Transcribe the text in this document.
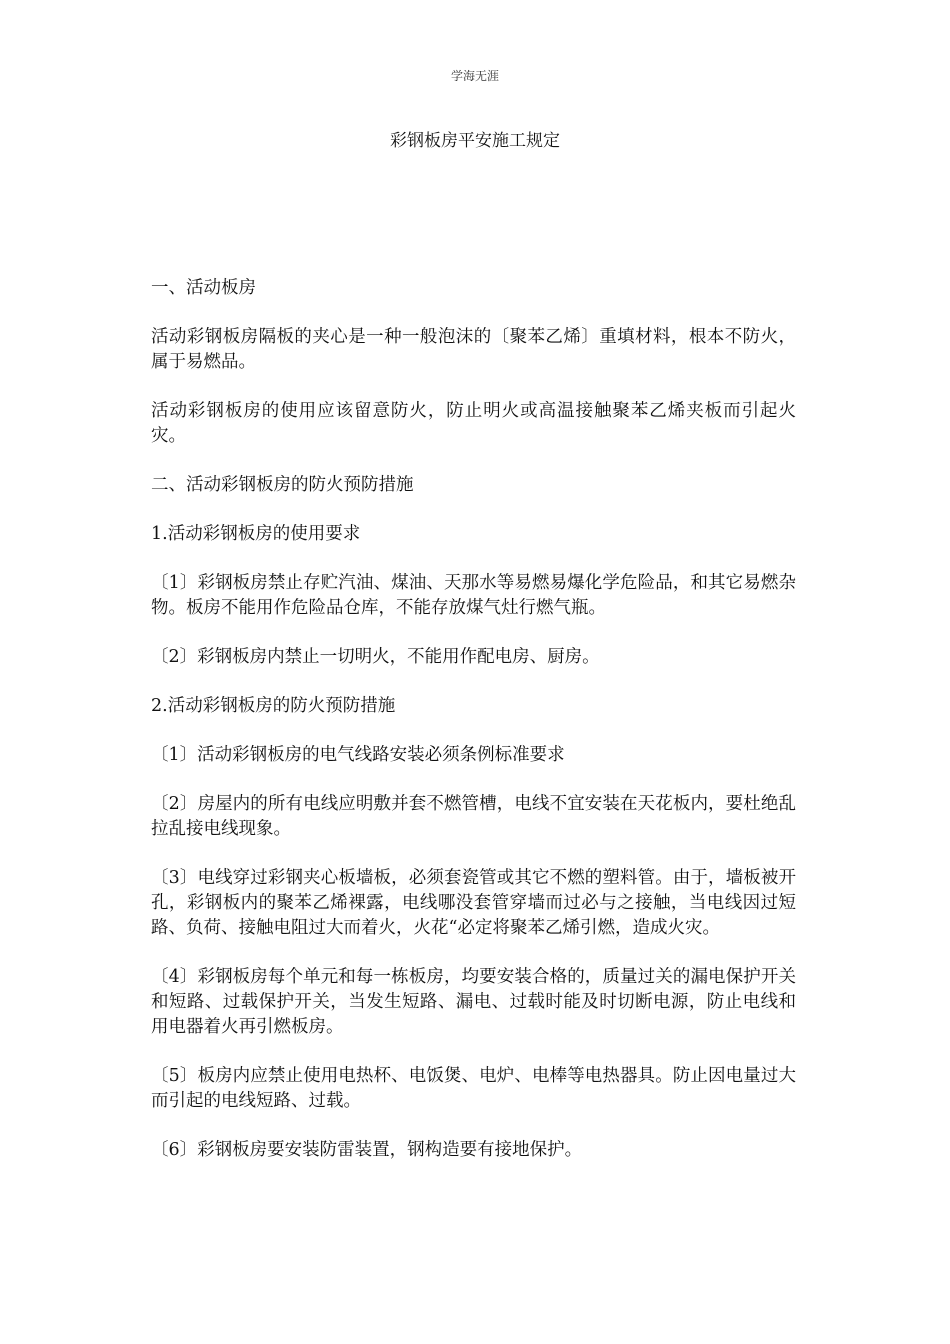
学海无涯
彩钢板房平安施工规定

一、活动板房

活动彩钢板房隔板的夹心是一种一般泡沫的〔聚苯乙烯〕重填材料，根本不防火，属于易燃品。

活动彩钢板房的使用应该留意防火，防止明火或高温接触聚苯乙烯夹板而引起火灾。

二、活动彩钢板房的防火预防措施

1.活动彩钢板房的使用要求

〔1〕彩钢板房禁止存贮汽油、煤油、天那水等易燃易爆化学危险品，和其它易燃杂物。板房不能用作危险品仓库，不能存放煤气灶行燃气瓶。

〔2〕彩钢板房内禁止一切明火，不能用作配电房、厨房。

2.活动彩钢板房的防火预防措施

〔1〕活动彩钢板房的电气线路安装必须条例标准要求

〔2〕房屋内的所有电线应明敷并套不燃管槽，电线不宜安装在天花板内，要杜绝乱拉乱接电线现象。

〔3〕电线穿过彩钢夹心板墙板，必须套瓷管或其它不燃的塑料管。由于，墙板被开孔，彩钢板内的聚苯乙烯裸露，电线哪没套管穿墙而过必与之接触，当电线因过短路、负荷、接触电阻过大而着火，火花“必定将聚苯乙烯引燃，造成火灾。

〔4〕彩钢板房每个单元和每一栋板房，均要安装合格的，质量过关的漏电保护开关和短路、过载保护开关，当发生短路、漏电、过载时能及时切断电源，防止电线和用电器着火再引燃板房。

〔5〕板房内应禁止使用电热杯、电饭煲、电炉、电棒等电热器具。防止因电量过大而引起的电线短路、过载。

〔6〕彩钢板房要安装防雷装置，钢构造要有接地保护。
